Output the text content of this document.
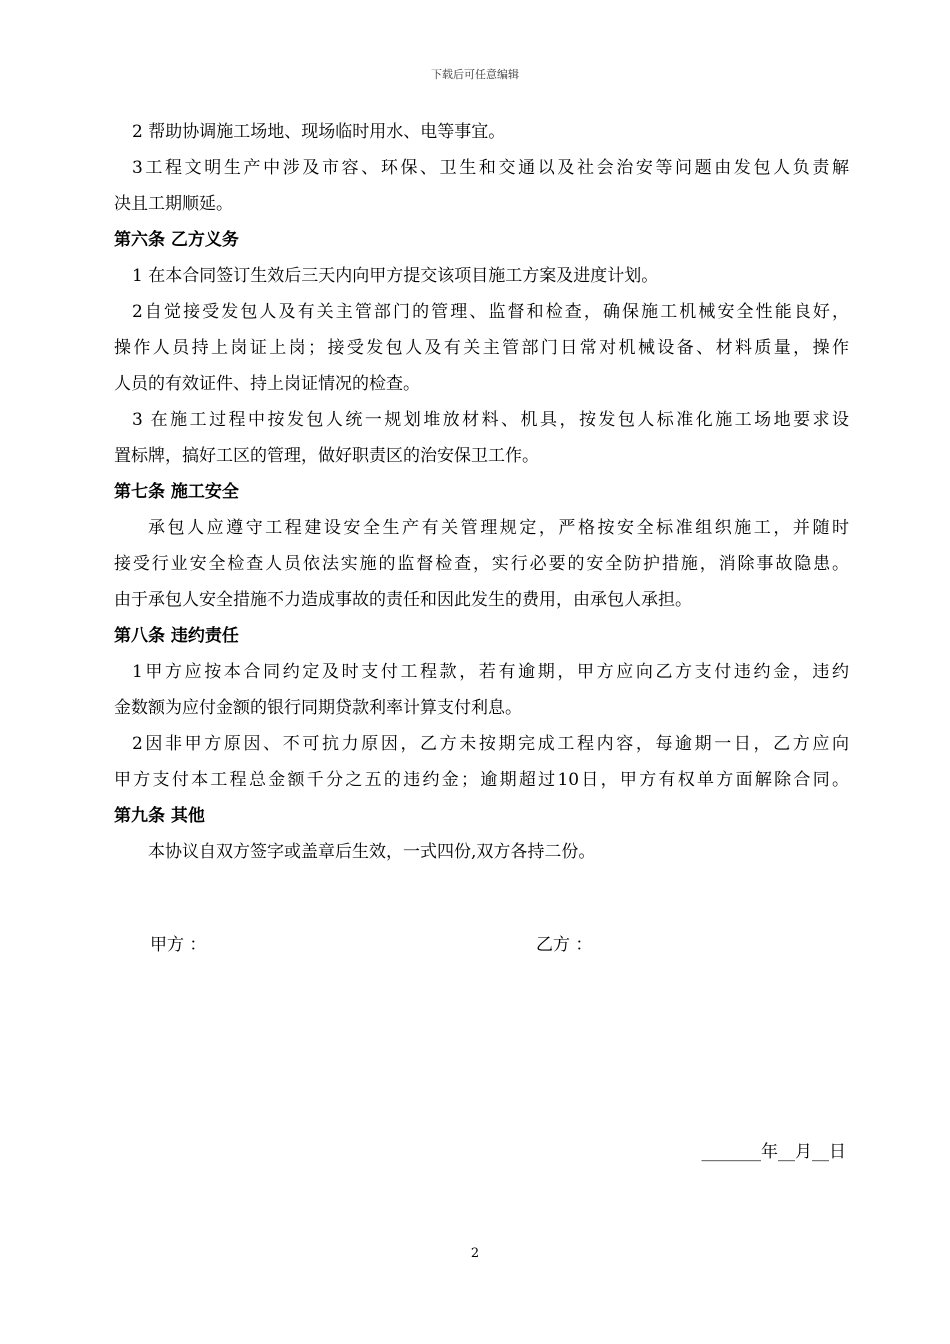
下载后可任意编辑
2 帮助协调施工场地、现场临时用水、电等事宜。
3工程文明生产中涉及市容、环保、卫生和交通以及社会治安等问题由发包人负责解
决且工期顺延。
第六条 乙方义务
1 在本合同签订生效后三天内向甲方提交该项目施工方案及进度计划。
2自觉接受发包人及有关主管部门的管理、监督和检查，确保施工机械安全性能良好，
操作人员持上岗证上岗；接受发包人及有关主管部门日常对机械设备、材料质量，操作
人员的有效证件、持上岗证情况的检查。
3 在施工过程中按发包人统一规划堆放材料、机具，按发包人标准化施工场地要求设
置标牌，搞好工区的管理，做好职责区的治安保卫工作。
第七条 施工安全
承包人应遵守工程建设安全生产有关管理规定，严格按安全标准组织施工，并随时
接受行业安全检查人员依法实施的监督检查，实行必要的安全防护措施，消除事故隐患。
由于承包人安全措施不力造成事故的责任和因此发生的费用，由承包人承担。
第八条 违约责任
1甲方应按本合同约定及时支付工程款，若有逾期，甲方应向乙方支付违约金，违约
金数额为应付金额的银行同期贷款利率计算支付利息。
2因非甲方原因、不可抗力原因，乙方未按期完成工程内容，每逾期一日，乙方应向
甲方支付本工程总金额千分之五的违约金；逾期超过10日，甲方有权单方面解除合同。
第九条 其他
本协议自双方签字或盖章后生效，一式四份,双方各持二份。
甲方 ：	乙方 ：
_______年__月__日
2
